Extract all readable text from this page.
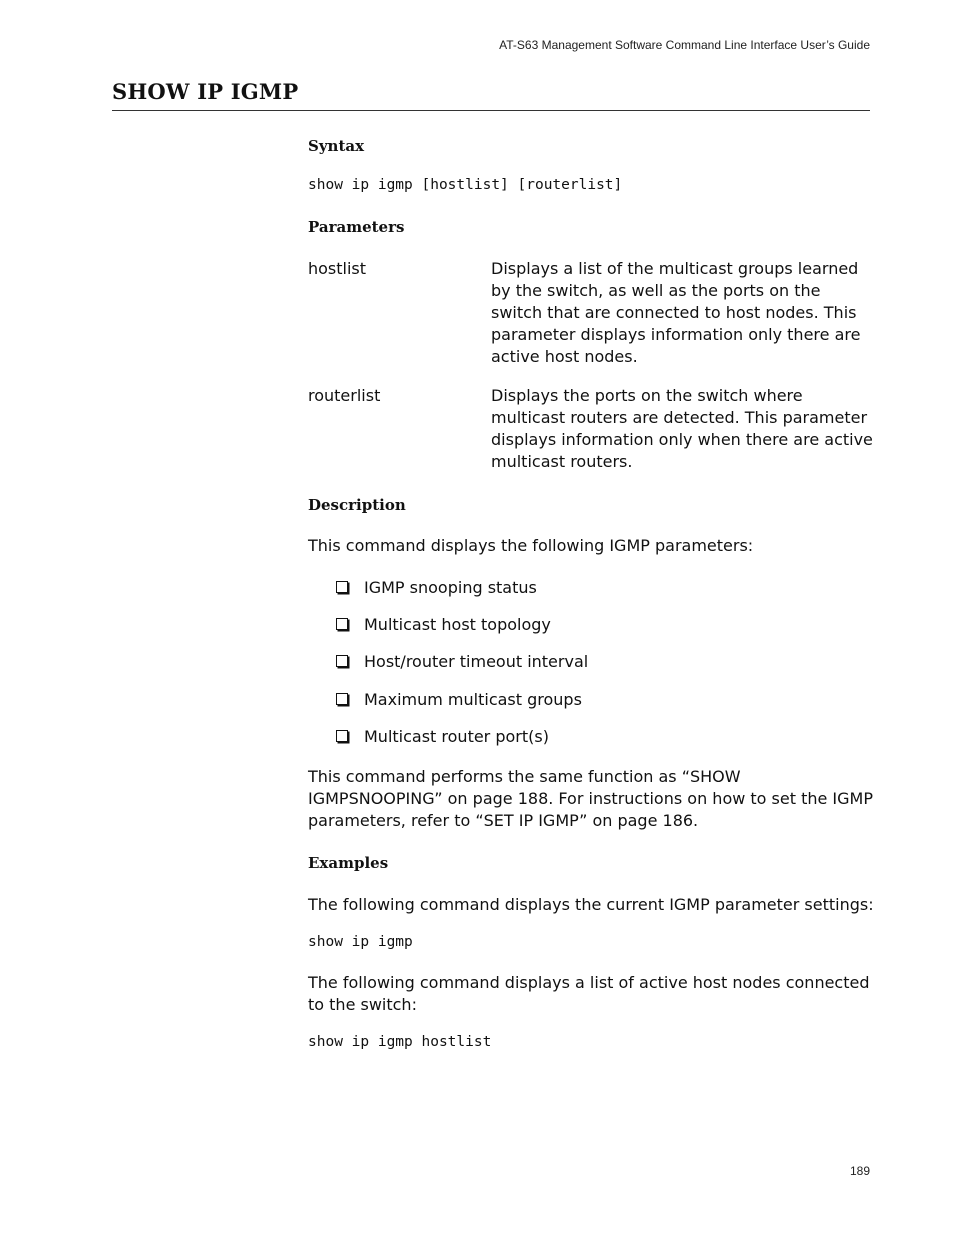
AT-S63 Management Software Command Line Interface User’s Guide
SHOW IP IGMP
Syntax
show ip igmp [hostlist] [routerlist]
Parameters
hostlist	Displays a list of the multicast groups learned by the switch, as well as the ports on the switch that are connected to host nodes. This parameter displays information only there are active host nodes.

routerlist	Displays the ports on the switch where multicast routers are detected. This parameter displays information only when there are active multicast routers.

Description

This command displays the following IGMP parameters:

IGMP snooping status
Multicast host topology
Host/router timeout interval
Maximum multicast groups
Multicast router port(s)

This command performs the same function as “SHOW IGMPSNOOPING” on page 188. For instructions on how to set the IGMP parameters, refer to “SET IP IGMP” on page 186.

Examples

The following command displays the current IGMP parameter settings:

show ip igmp

The following command displays a list of active host nodes connected to the switch:

show ip igmp hostlist
189
